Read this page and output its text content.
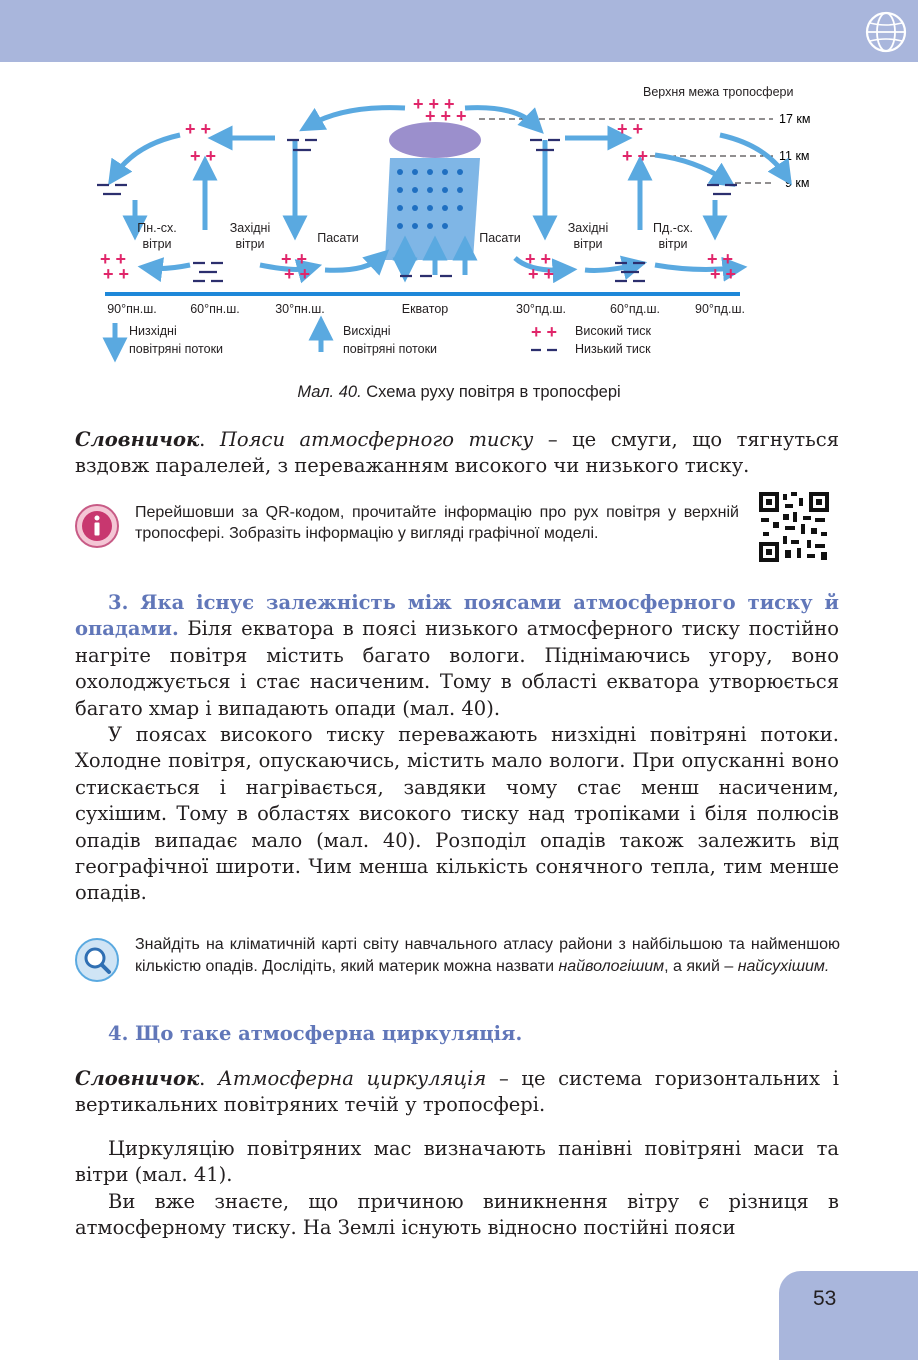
Верхня межа тропосфери
17 км
11 км
9 км
+ + +
+ + +
+ +
+ +
+ +
+ +
+ +
+ +
+ +
+ +
+ +
+ +
+ +
+ +
Пн.-сх.
вітри
Західні
вітри	Пасати	Пасати
Західні
вітри
Пд.-сх.
вітри
90°пн.ш.	60°пн.ш.	30°пн.ш.	Екватор	30°пд.ш.	60°пд.ш.	90°пд.ш.
Низхідні
повітряні потоки
Висхідні
повітряні потоки
Високий тиск
Низький тиск
+ +
Мал. 40. Схема руху повітря в тропосфері

Словничок. Пояси атмосферного тиску – це смуги, що тягнуться вздовж паралелей, з переважанням високого чи низького тиску.

Перейшовши за QR-кодом, прочитайте інформацію про рух повітря у верхній тропосфері. Зобразіть інформацію у вигляді графічної моделі.

3. Яка існує залежність між поясами атмосферного тиску й опадами. Біля екватора в поясі низького атмосферного тиску постійно нагріте повітря містить багато вологи. Піднімаючись угору, воно охолоджується і стає насиченим. Тому в області екватора утворюється багато хмар і випадають опади (мал. 40).

У поясах високого тиску переважають низхідні повітряні потоки. Холодне повітря, опускаючись, містить мало вологи. При опусканні воно стискається і нагрівається, завдяки чому стає менш насиченим, сухішим. Тому в областях високого тиску над тропіками і біля полюсів опадів випадає мало (мал. 40). Розподіл опадів також залежить від географічної широти. Чим менша кількість сонячного тепла, тим менше опадів.

Знайдіть на кліматичній карті світу навчального атласу райони з найбільшою та найменшою кількістю опадів. Дослідіть, який материк можна назвати найвологішим, а який – найсухішим.

4. Що таке атмосферна циркуляція.

Словничок. Атмосферна циркуляція – це система горизонтальних і вертикальних повітряних течій у тропосфері.

Циркуляцію повітряних мас визначають панівні повітряні маси та вітри (мал. 41).

Ви вже знаєте, що причиною виникнення вітру є різниця в атмосферному тиску. На Землі існують відносно постійні пояси

53
